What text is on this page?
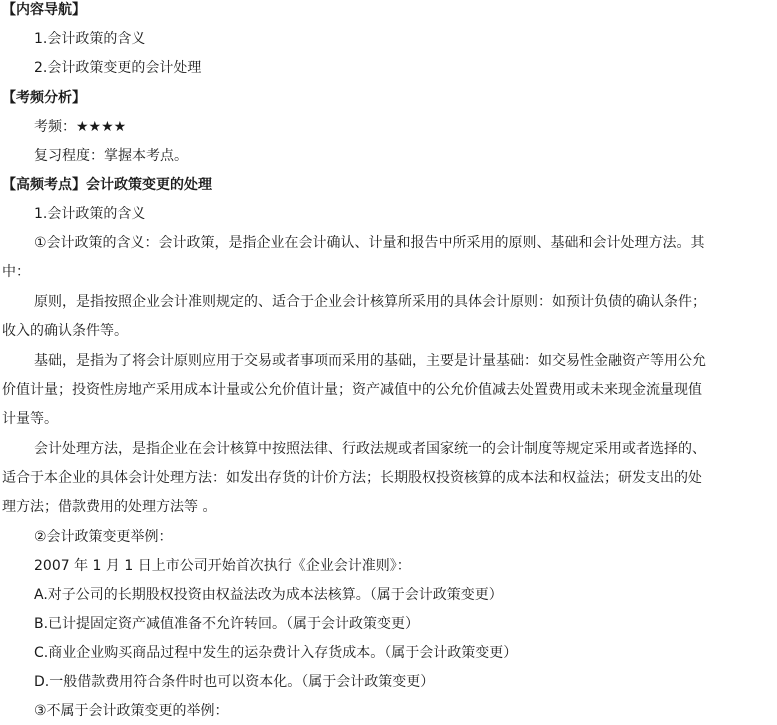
【内容导航】
1.会计政策的含义
2.会计政策变更的会计处理
【考频分析】
考频：★★★★
复习程度：掌握本考点。
【高频考点】会计政策变更的处理
1.会计政策的含义
①会计政策的含义：会计政策，是指企业在会计确认、计量和报告中所采用的原则、基础和会计处理方法。其
中：
原则，是指按照企业会计准则规定的、适合于企业会计核算所采用的具体会计原则：如预计负债的确认条件；
收入的确认条件等。
基础，是指为了将会计原则应用于交易或者事项而采用的基础，主要是计量基础：如交易性金融资产等用公允
价值计量；投资性房地产采用成本计量或公允价值计量；资产减值中的公允价值减去处置费用或未来现金流量现值
计量等。
会计处理方法，是指企业在会计核算中按照法律、行政法规或者国家统一的会计制度等规定采用或者选择的、
适合于本企业的具体会计处理方法：如发出存货的计价方法；长期股权投资核算的成本法和权益法；研发支出的处
理方法；借款费用的处理方法等 。
②会计政策变更举例：
2007 年 1 月 1 日上市公司开始首次执行《企业会计准则》：
A.对子公司的长期股权投资由权益法改为成本法核算。（属于会计政策变更）
B.已计提固定资产减值准备不允许转回。（属于会计政策变更）
C.商业企业购买商品过程中发生的运杂费计入存货成本。（属于会计政策变更）
D.一般借款费用符合条件时也可以资本化。（属于会计政策变更）
③不属于会计政策变更的举例：
